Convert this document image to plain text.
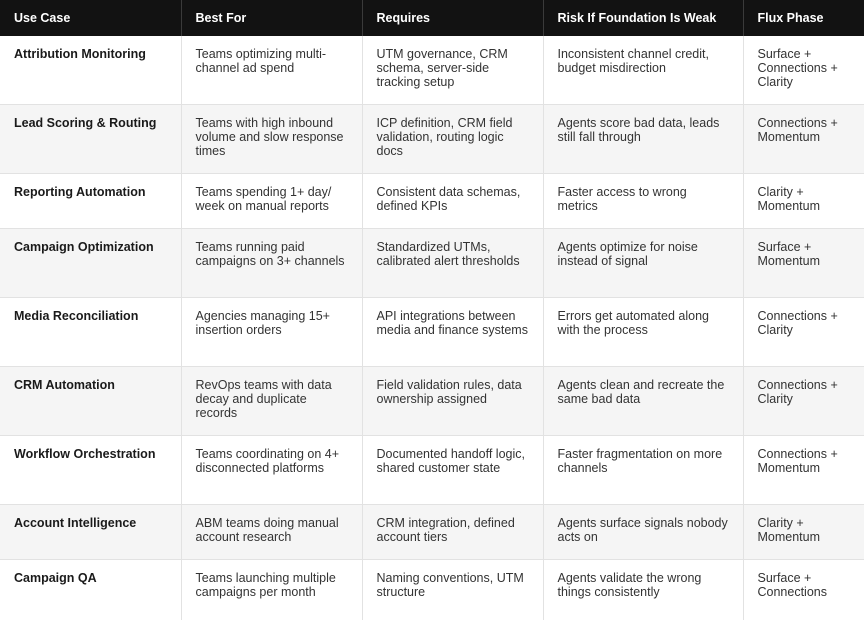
Use Case	Best For	Requires	Risk If Foundation Is Weak	Flux Phase
Attribution Monitoring	Teams optimizing multi-channel ad spend	UTM governance, CRM schema, server-side tracking setup	Inconsistent channel credit, budget misdirection	Surface + Connections + Clarity
Lead Scoring & Routing	Teams with high inbound volume and slow response times	ICP definition, CRM field validation, routing logic docs	Agents score bad data, leads still fall through	Connections + Momentum
Reporting Automation	Teams spending 1+ day/ week on manual reports	Consistent data schemas, defined KPIs	Faster access to wrong metrics	Clarity + Momentum
Campaign Optimization	Teams running paid campaigns on 3+ channels	Standardized UTMs, calibrated alert thresholds	Agents optimize for noise instead of signal	Surface + Momentum
Media Reconciliation	Agencies managing 15+ insertion orders	API integrations between media and finance systems	Errors get automated along with the process	Connections + Clarity
CRM Automation	RevOps teams with data decay and duplicate records	Field validation rules, data ownership assigned	Agents clean and recreate the same bad data	Connections + Clarity
Workflow Orchestration	Teams coordinating on 4+ disconnected platforms	Documented handoff logic, shared customer state	Faster fragmentation on more channels	Connections + Momentum
Account Intelligence	ABM teams doing manual account research	CRM integration, defined account tiers	Agents surface signals nobody acts on	Clarity + Momentum
Campaign QA	Teams launching multiple campaigns per month	Naming conventions, UTM structure	Agents validate the wrong things consistently	Surface + Connections
